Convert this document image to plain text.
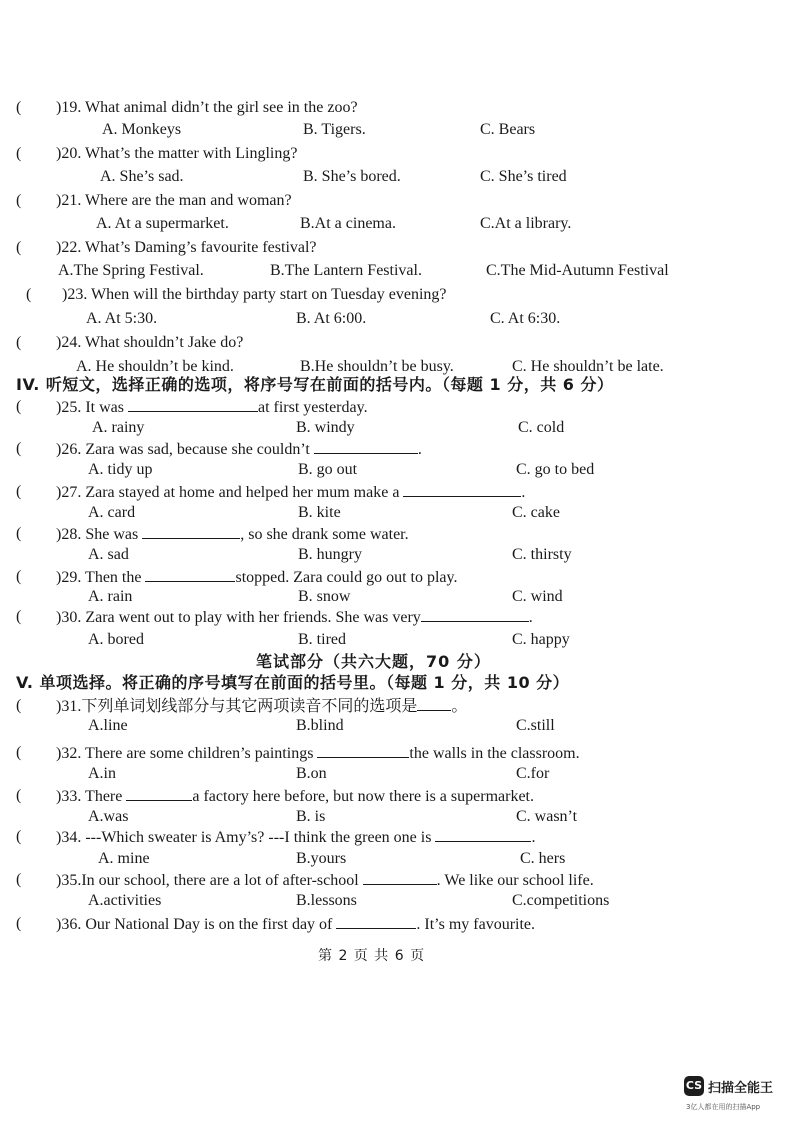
( )19. What animal didn’t the girl see in the zoo?
A. Monkeys	B. Tigers.	C. Bears
( )20. What’s the matter with Lingling?
A. She’s sad.	B. She’s bored.	C. She’s tired
( )21. Where are the man and woman?
A. At a supermarket.	B.At a cinema.	C.At a library.
( )22. What’s Daming’s favourite festival?
A.The Spring Festival.	B.The Lantern Festival.	C.The Mid-Autumn Festival
( )23. When will the birthday party start on Tuesday evening?
A. At 5:30.	B. At 6:00.	C. At 6:30.
( )24. What shouldn’t Jake do?
A. He shouldn’t be kind.	B.He shouldn’t be busy.	C. He shouldn’t be late.
IV. 听短文，选择正确的选项，将序号写在前面的括号内。（每题 1 分，共 6 分）
( )25. It was	at first yesterday.
A. rainy	B. windy	C. cold
( )26. Zara was sad, because she couldn’t	.
A. tidy up	B. go out	C. go to bed
( )27. Zara stayed at home and helped her mum make a	.
A. card	B. kite	C. cake
( )28. She was	, so she drank some water.
A. sad	B. hungry	C. thirsty
( )29. Then the	stopped. Zara could go out to play.
A. rain	B. snow	C. wind
( )30. Zara went out to play with her friends. She was very	.
A. bored	B. tired	C. happy
笔试部分（共六大题，70 分）
V. 单项选择。将正确的序号填写在前面的括号里。（每题 1 分，共 10 分）
( )31.下列单词划线部分与其它两项读音不同的选项是 。
A.line	B.blind	C.still
( )32. There are some children’s paintings	the walls in the classroom.
A.in	B.on	C.for
( )33. There	a factory here before, but now there is a supermarket.
A.was	B. is	C. wasn’t
( )34. ---Which sweater is Amy’s? ---I think the green one is	.
A. mine	B.yours	C. hers
( )35.In our school, there are a lot of after-school	. We like our school life.
A.activities	B.lessons	C.competitions
( )36. Our National Day is on the first day of	. It’s my favourite.
第 2 页 共 6 页
CS 扫描全能王
3亿人都在用的扫描App
